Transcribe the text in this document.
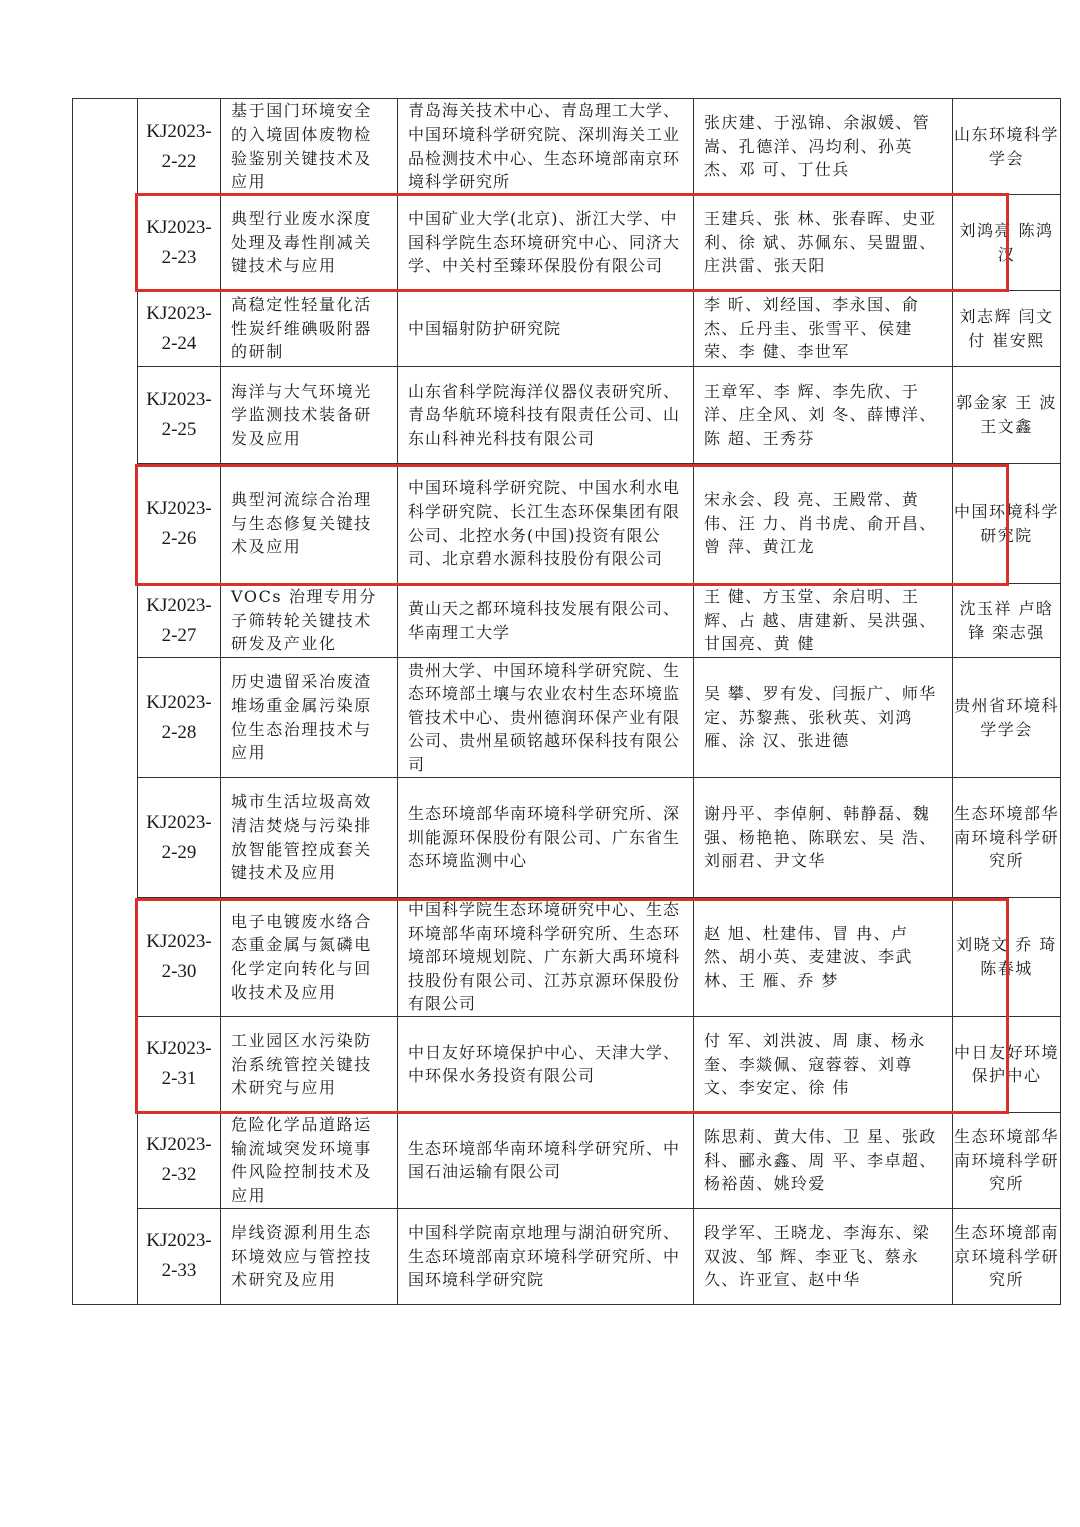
	KJ2023-
2-22	基于国门环境安全的入境固体废物检验鉴别关键技术及应用	青岛海关技术中心、青岛理工大学、中国环境科学研究院、深圳海关工业品检测技术中心、生态环境部南京环境科学研究所	张庆建、于泓锦、余淑媛、管 嵩、孔德洋、冯均利、孙英杰、邓 可、丁仕兵	山东环境科学学会

	KJ2023-
2-23	典型行业废水深度处理及毒性削减关键技术与应用	中国矿业大学(北京)、浙江大学、中国科学院生态环境研究中心、同济大学、中关村至臻环保股份有限公司	王建兵、张 林、张春晖、史亚利、徐 斌、苏佩东、吴盟盟、庄洪雷、张天阳	刘鸿亮 陈鸿汉

	KJ2023-
2-24	高稳定性轻量化活性炭纤维碘吸附器的研制	中国辐射防护研究院	李 昕、刘经国、李永国、俞 杰、丘丹圭、张雪平、侯建荣、李 健、李世军	刘志辉 闫文付 崔安熙

	KJ2023-
2-25	海洋与大气环境光学监测技术装备研发及应用	山东省科学院海洋仪器仪表研究所、青岛华航环境科技有限责任公司、山东山科神光科技有限公司	王章军、李 辉、李先欣、于 洋、庄全风、刘 冬、薛博洋、陈 超、王秀芬	郭金家 王 波 王文鑫

	KJ2023-
2-26	典型河流综合治理与生态修复关键技术及应用	中国环境科学研究院、中国水利水电科学研究院、长江生态环保集团有限公司、北控水务(中国)投资有限公司、北京碧水源科技股份有限公司	宋永会、段 亮、王殿常、黄 伟、汪 力、肖书虎、俞开昌、曾 萍、黄江龙	中国环境科学研究院

	KJ2023-
2-27	VOCs 治理专用分子筛转轮关键技术研发及产业化	黄山天之都环境科技发展有限公司、华南理工大学	王 健、方玉堂、余启明、王 辉、占 越、唐建新、吴洪强、甘国亮、黄 健	沈玉祥 卢晗锋 栾志强

	KJ2023-
2-28	历史遗留采冶废渣堆场重金属污染原位生态治理技术与应用	贵州大学、中国环境科学研究院、生态环境部土壤与农业农村生态环境监管技术中心、贵州德润环保产业有限公司、贵州星硕铭越环保科技有限公司	吴 攀、罗有发、闫振广、师华定、苏黎燕、张秋英、刘鸿雁、涂 汉、张进德	贵州省环境科学学会

	KJ2023-
2-29	城市生活垃圾高效清洁焚烧与污染排放智能管控成套关键技术及应用	生态环境部华南环境科学研究所、深圳能源环保股份有限公司、广东省生态环境监测中心	谢丹平、李倬舸、韩静磊、魏 强、杨艳艳、陈联宏、吴 浩、刘丽君、尹文华	生态环境部华南环境科学研究所

	KJ2023-
2-30	电子电镀废水络合态重金属与氮磷电化学定向转化与回收技术及应用	中国科学院生态环境研究中心、生态环境部华南环境科学研究所、生态环境部环境规划院、广东新大禹环境科技股份有限公司、江苏京源环保股份有限公司	赵 旭、杜建伟、冒 冉、卢 然、胡小英、麦建波、李武林、王 雁、乔 梦	刘晓文 乔 琦 陈春城

	KJ2023-
2-31	工业园区水污染防治系统管控关键技术研究与应用	中日友好环境保护中心、天津大学、中环保水务投资有限公司	付 军、刘洪波、周 康、杨永奎、李燚佩、寇蓉蓉、刘尊文、李安定、徐 伟	中日友好环境保护中心

	KJ2023-
2-32	危险化学品道路运输流域突发环境事件风险控制技术及应用	生态环境部华南环境科学研究所、中国石油运输有限公司	陈思莉、黄大伟、卫 星、张政科、郦永鑫、周 平、李卓超、杨裕茵、姚玲爱	生态环境部华南环境科学研究所

	KJ2023-
2-33	岸线资源利用生态环境效应与管控技术研究及应用	中国科学院南京地理与湖泊研究所、生态环境部南京环境科学研究所、中国环境科学研究院	段学军、王晓龙、李海东、梁双波、邹 辉、李亚飞、蔡永久、许亚宣、赵中华	生态环境部南京环境科学研究所
